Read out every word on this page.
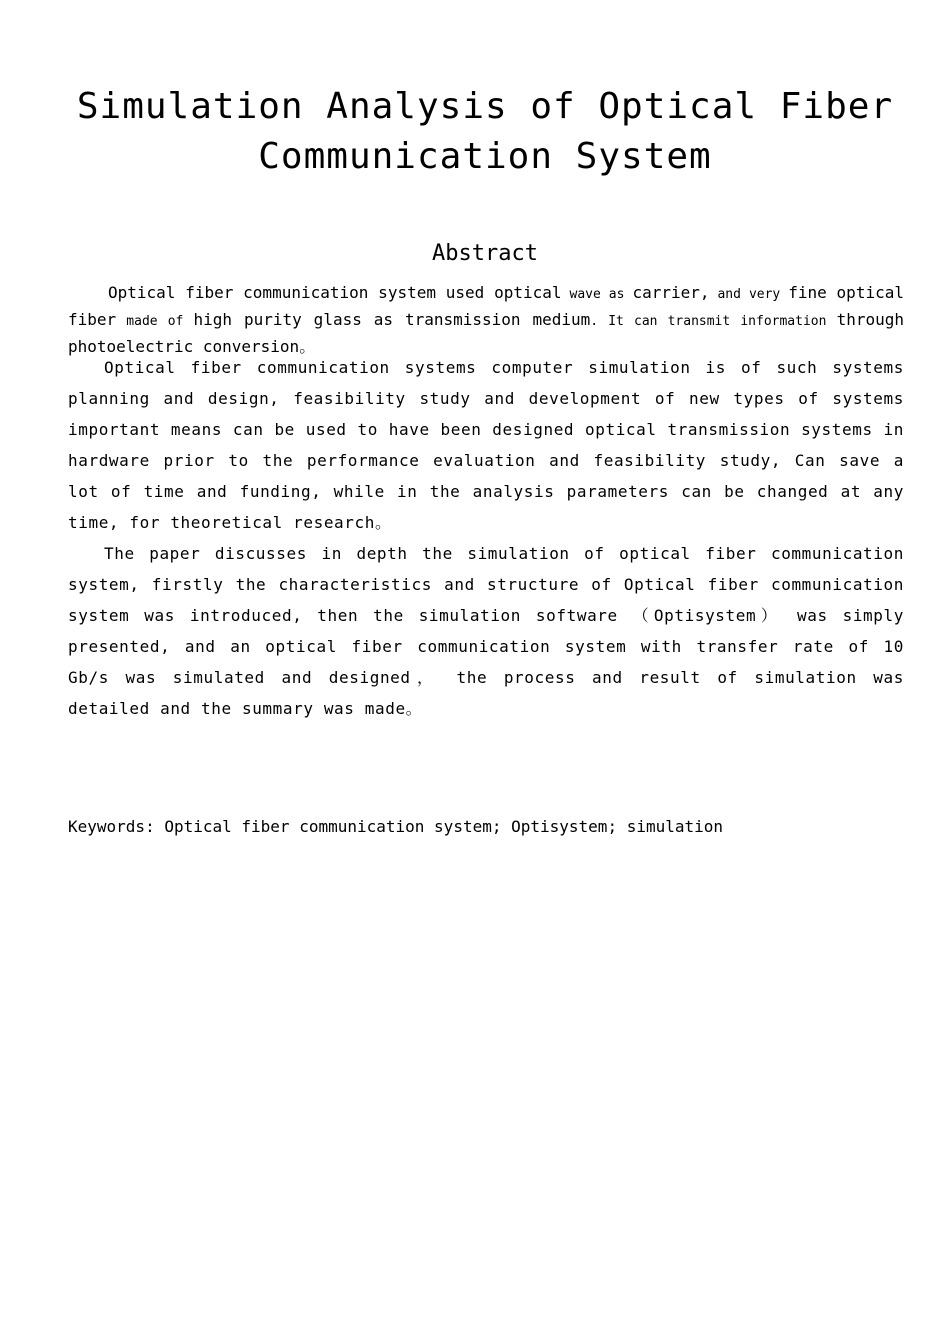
Simulation Analysis of Optical Fiber Communication System
Abstract

Optical fiber communication system used optical wave as carrier, and very fine optical fiber made of high purity glass as transmission medium. It can transmit information through photoelectric conversion。

Optical fiber communication systems computer simulation is of such systems planning and design, feasibility study and development of new types of systems important means can be used to have been designed optical transmission systems in hardware prior to the performance evaluation and feasibility study, Can save a lot of time and funding, while in the analysis parameters can be changed at any time, for theoretical research。

The paper discusses in depth the simulation of optical fiber communication system, firstly the characteristics and structure of Optical fiber communication system was introduced, then the simulation software （Optisystem） was simply presented, and an optical fiber communication system with transfer rate of 10 Gb/s was simulated and designed， the process and result of simulation was detailed and the summary was made。

Keywords: Optical fiber communication system; Optisystem; simulation
